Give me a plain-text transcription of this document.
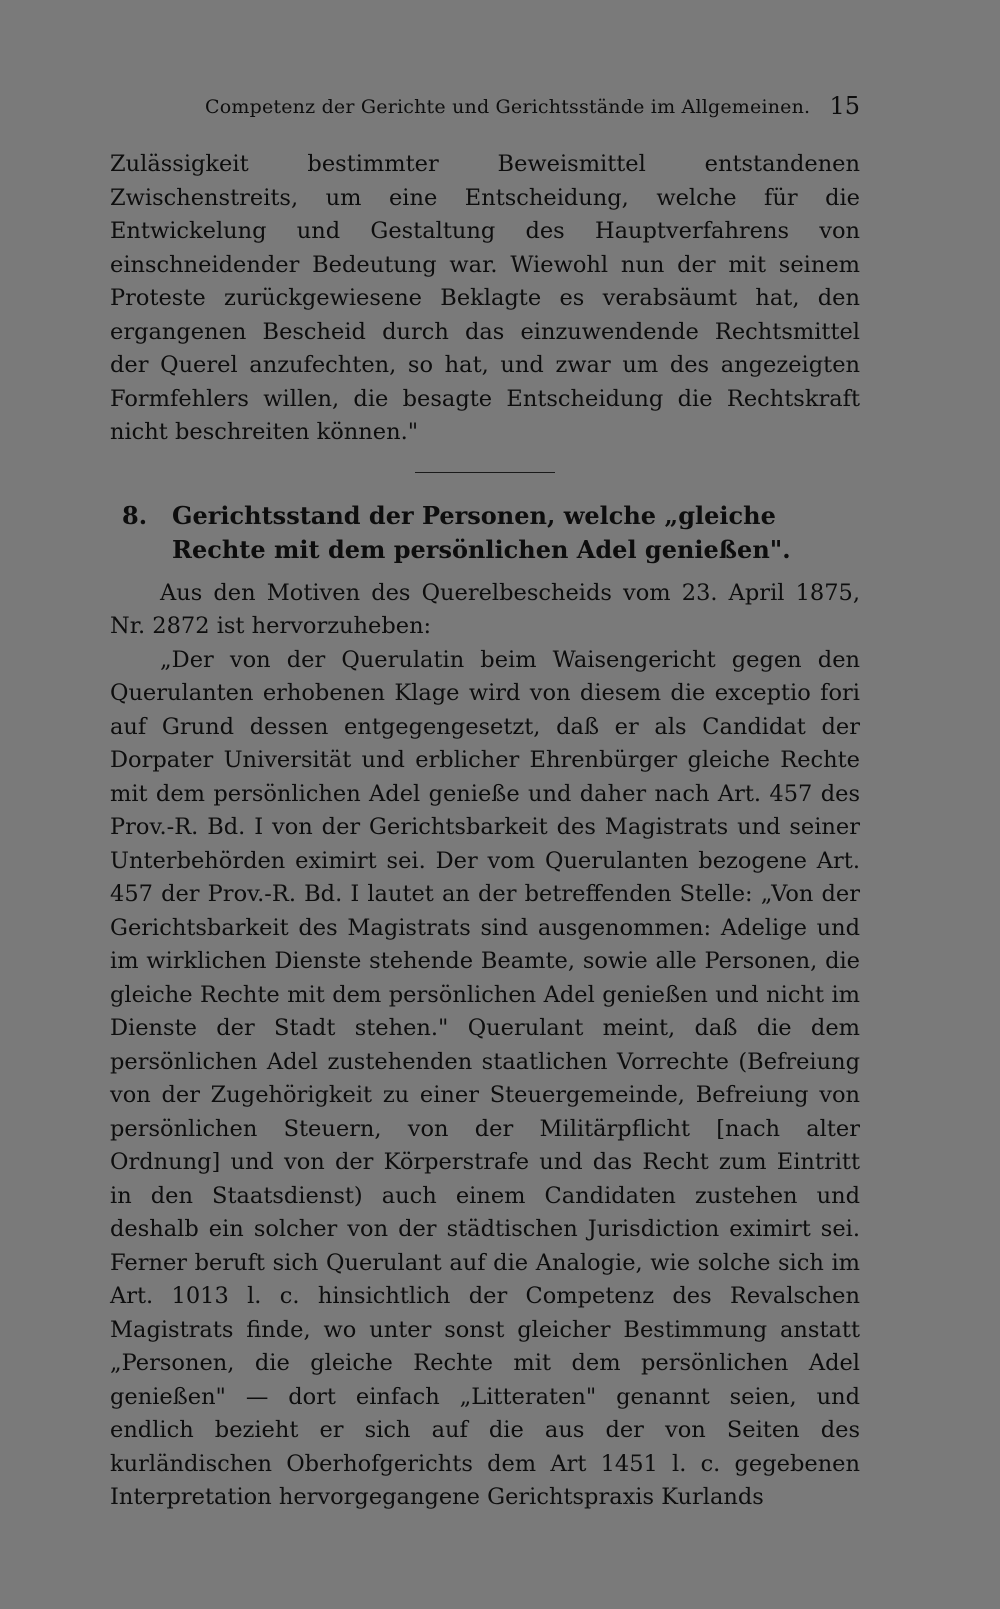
Competenz der Gerichte und Gerichtsstände im Allgemeinen. 15

Zulässigkeit bestimmter Beweismittel entstandenen Zwischenstreits, um eine Entscheidung, welche für die Entwickelung und Gestaltung des Hauptverfahrens von einschneidender Bedeutung war. Wiewohl nun der mit seinem Proteste zurückgewiesene Beklagte es verabsäumt hat, den ergangenen Bescheid durch das einzuwendende Rechtsmittel der Querel anzufechten, so hat, und zwar um des angezeigten Formfehlers willen, die besagte Entscheidung die Rechtskraft nicht beschreiten können."

8. Gerichtsstand der Personen, welche „gleiche Rechte mit dem persönlichen Adel genießen".

Aus den Motiven des Querelbescheids vom 23. April 1875, Nr. 2872 ist hervorzuheben:

„Der von der Querulatin beim Waisengericht gegen den Querulanten erhobenen Klage wird von diesem die exceptio fori auf Grund dessen entgegengesetzt, daß er als Candidat der Dorpater Universität und erblicher Ehrenbürger gleiche Rechte mit dem persönlichen Adel genieße und daher nach Art. 457 des Prov.-R. Bd. I von der Gerichtsbarkeit des Magistrats und seiner Unterbehörden eximirt sei. Der vom Querulanten bezogene Art. 457 der Prov.-R. Bd. I lautet an der betreffenden Stelle: „Von der Gerichtsbarkeit des Magistrats sind ausgenommen: Adelige und im wirklichen Dienste stehende Beamte, sowie alle Personen, die gleiche Rechte mit dem persönlichen Adel genießen und nicht im Dienste der Stadt stehen." Querulant meint, daß die dem persönlichen Adel zustehenden staatlichen Vorrechte (Befreiung von der Zugehörigkeit zu einer Steuergemeinde, Befreiung von persönlichen Steuern, von der Militärpflicht [nach alter Ordnung] und von der Körperstrafe und das Recht zum Eintritt in den Staatsdienst) auch einem Candidaten zustehen und deshalb ein solcher von der städtischen Jurisdiction eximirt sei. Ferner beruft sich Querulant auf die Analogie, wie solche sich im Art. 1013 l. c. hinsichtlich der Competenz des Revalschen Magistrats finde, wo unter sonst gleicher Bestimmung anstatt „Personen, die gleiche Rechte mit dem persönlichen Adel genießen" — dort einfach „Litteraten" genannt seien, und endlich bezieht er sich auf die aus der von Seiten des kurländischen Oberhofgerichts dem Art 1451 l. c. gegebenen Interpretation hervorgegangene Gerichtspraxis Kurlands
